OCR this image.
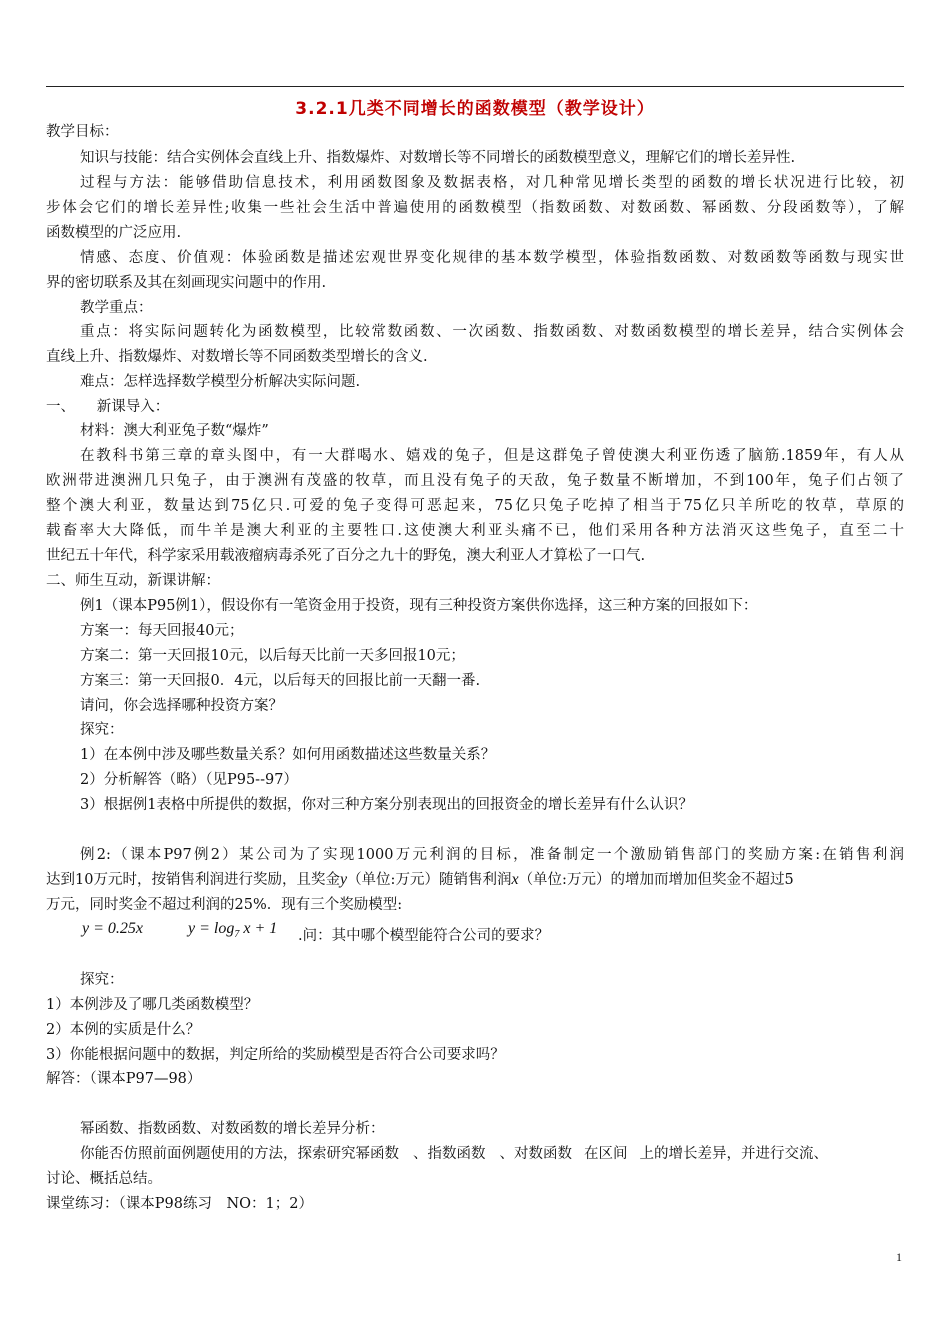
3.2.1几类不同增长的函数模型（教学设计）
教学目标：
知识与技能：结合实例体会直线上升、指数爆炸、对数增长等不同增长的函数模型意义，理解它们的增长差异性.
过程与方法：能够借助信息技术，利用函数图象及数据表格，对几种常见增长类型的函数的增长状况进行比较，初
步体会它们的增长差异性;收集一些社会生活中普遍使用的函数模型（指数函数、对数函数、幂函数、分段函数等），了解
函数模型的广泛应用.
情感、态度、价值观：体验函数是描述宏观世界变化规律的基本数学模型，体验指数函数、对数函数等函数与现实世
界的密切联系及其在刻画现实问题中的作用.
教学重点：
重点：将实际问题转化为函数模型，比较常数函数、一次函数、指数函数、对数函数模型的增长差异，结合实例体会
直线上升、指数爆炸、对数增长等不同函数类型增长的含义.
难点：怎样选择数学模型分析解决实际问题.
一、　　新课导入：
材料：澳大利亚兔子数“爆炸”
在教科书第三章的章头图中，有一大群喝水、嬉戏的兔子，但是这群兔子曾使澳大利亚伤透了脑筋.1859年，有人从
欧洲带进澳洲几只兔子，由于澳洲有茂盛的牧草，而且没有兔子的天敌，兔子数量不断增加，不到100年，兔子们占领了
整个澳大利亚，数量达到75亿只.可爱的兔子变得可恶起来，75亿只兔子吃掉了相当于75亿只羊所吃的牧草，草原的
载畜率大大降低，而牛羊是澳大利亚的主要牲口.这使澳大利亚头痛不已，他们采用各种方法消灭这些兔子，直至二十
世纪五十年代，科学家采用载液瘤病毒杀死了百分之九十的野兔，澳大利亚人才算松了一口气.
二、师生互动，新课讲解：
例1（课本P95例1），假设你有一笔资金用于投资，现有三种投资方案供你选择，这三种方案的回报如下：
方案一：每天回报40元；
方案二：第一天回报10元，以后每天比前一天多回报10元；
方案三：第一天回报0．4元，以后每天的回报比前一天翻一番.
请问，你会选择哪种投资方案？
探究：
1）在本例中涉及哪些数量关系？如何用函数描述这些数量关系？
2）分析解答（略）（见P95--97）
3）根据例1表格中所提供的数据，你对三种方案分别表现出的回报资金的增长差异有什么认识？
例2:（课本P97例2）某公司为了实现1000万元利润的目标，准备制定一个激励销售部门的奖励方案:在销售利润
达到10万元时，按销售利润进行奖励，且奖金y（单位:万元）随销售利润x（单位:万元）的增加而增加但奖金不超过5
万元，同时奖金不超过利润的25%．现有三个奖励模型:
y = 0.25x	$y = \log_7 x + 1$ .问：其中哪个模型能符合公司的要求？
探究：
1）本例涉及了哪几类函数模型？
2）本例的实质是什么？
3）你能根据问题中的数据，判定所给的奖励模型是否符合公司要求吗？
解答：（课本P97—98）
幂函数、指数函数、对数函数的增长差异分析：
你能否仿照前面例题使用的方法，探索研究幂函数 、指数函数 、对数函数 在区间 上的增长差异，并进行交流、
讨论、概括总结。
课堂练习：（课本P98练习　NO：1；2）
1
